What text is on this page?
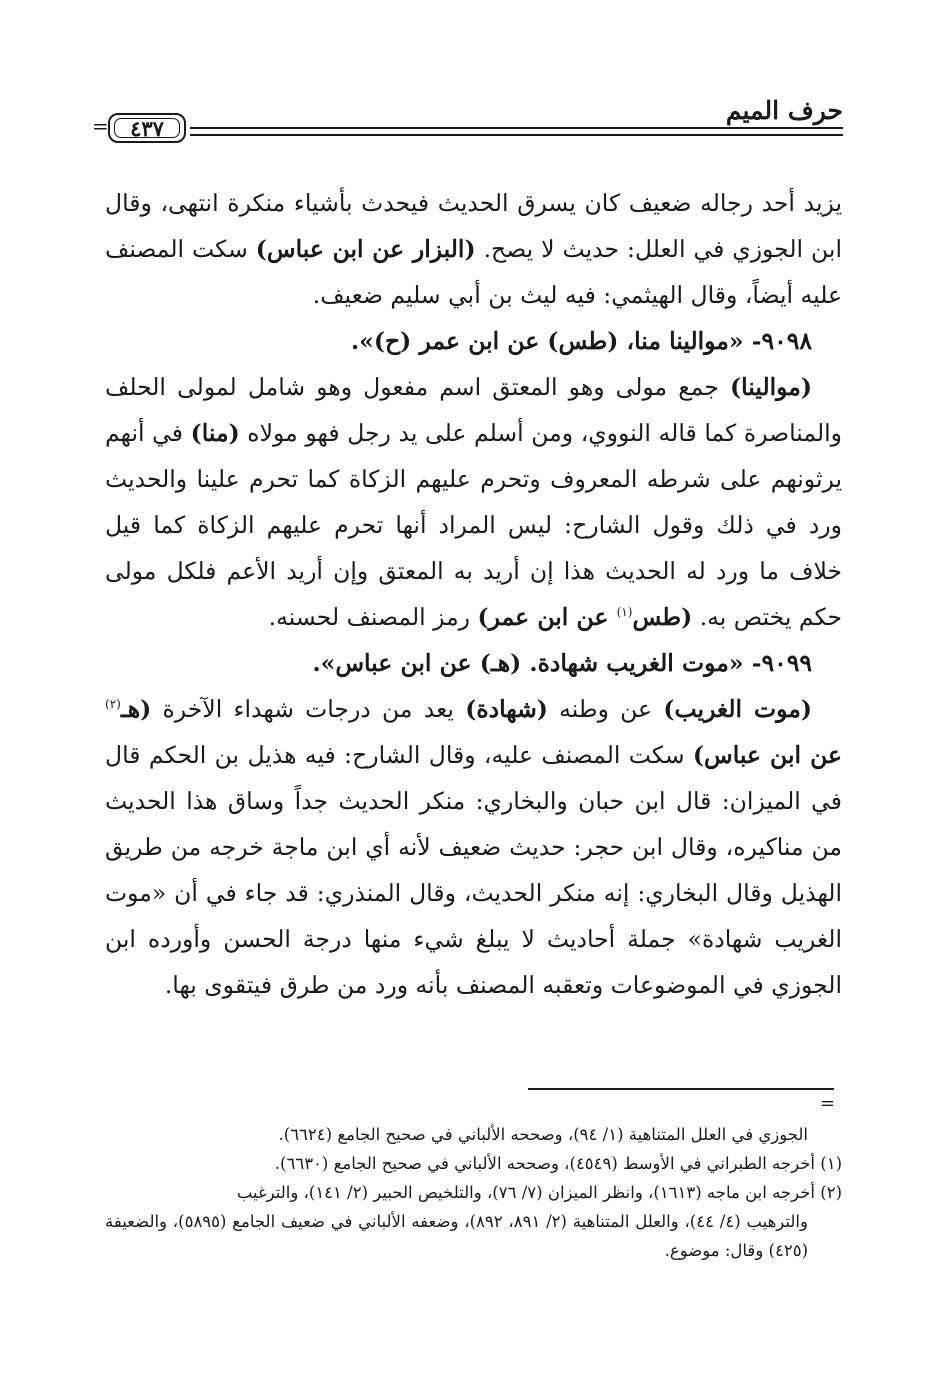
حرف الميم
٤٣٧
=

يزيد أحد رجاله ضعيف كان يسرق الحديث فيحدث بأشياء منكرة انتهى، وقال ابن الجوزي في العلل: حديث لا يصح. (البزار عن ابن عباس) سكت المصنف عليه أيضاً، وقال الهيثمي: فيه ليث بن أبي سليم ضعيف.

٩٠٩٨- «موالينا منا، (طس) عن ابن عمر (ح)».

(موالينا) جمع مولى وهو المعتق اسم مفعول وهو شامل لمولى الحلف والمناصرة كما قاله النووي، ومن أسلم على يد رجل فهو مولاه (منا) في أنهم يرثونهم على شرطه المعروف وتحرم عليهم الزكاة كما تحرم علينا والحديث ورد في ذلك وقول الشارح: ليس المراد أنها تحرم عليهم الزكاة كما قيل خلاف ما ورد له الحديث هذا إن أريد به المعتق وإن أريد الأعم فلكل مولى حكم يختص به. (طس$^{(١)}$ عن ابن عمر) رمز المصنف لحسنه.

٩٠٩٩- «موت الغريب شهادة. (هـ) عن ابن عباس».

(موت الغريب) عن وطنه (شهادة) يعد من درجات شهداء الآخرة (هـ$^{(٢)}$ عن ابن عباس) سكت المصنف عليه، وقال الشارح: فيه هذيل بن الحكم قال في الميزان: قال ابن حبان والبخاري: منكر الحديث جداً وساق هذا الحديث من مناكيره، وقال ابن حجر: حديث ضعيف لأنه أي ابن ماجة خرجه من طريق الهذيل وقال البخاري: إنه منكر الحديث، وقال المنذري: قد جاء في أن «موت الغريب شهادة» جملة أحاديث لا يبلغ شيء منها درجة الحسن وأورده ابن الجوزي في الموضوعات وتعقبه المصنف بأنه ورد من طرق فيتقوى بها.

=

الجوزي في العلل المتناهية (١/ ٩٤)، وصححه الألباني في صحيح الجامع (٦٦٢٤).

(١) أخرجه الطبراني في الأوسط (٤٥٤٩)، وصححه الألباني في صحيح الجامع (٦٦٣٠).

(٢) أخرجه ابن ماجه (١٦١٣)، وانظر الميزان (٧/ ٧٦)، والتلخيص الحبير (٢/ ١٤١)، والترغيب

والترهيب (٤/ ٤٤)، والعلل المتناهية (٢/ ٨٩١، ٨٩٢)، وضعفه الألباني في ضعيف الجامع (٥٨٩٥)، والضعيفة (٤٢٥) وقال: موضوع.
